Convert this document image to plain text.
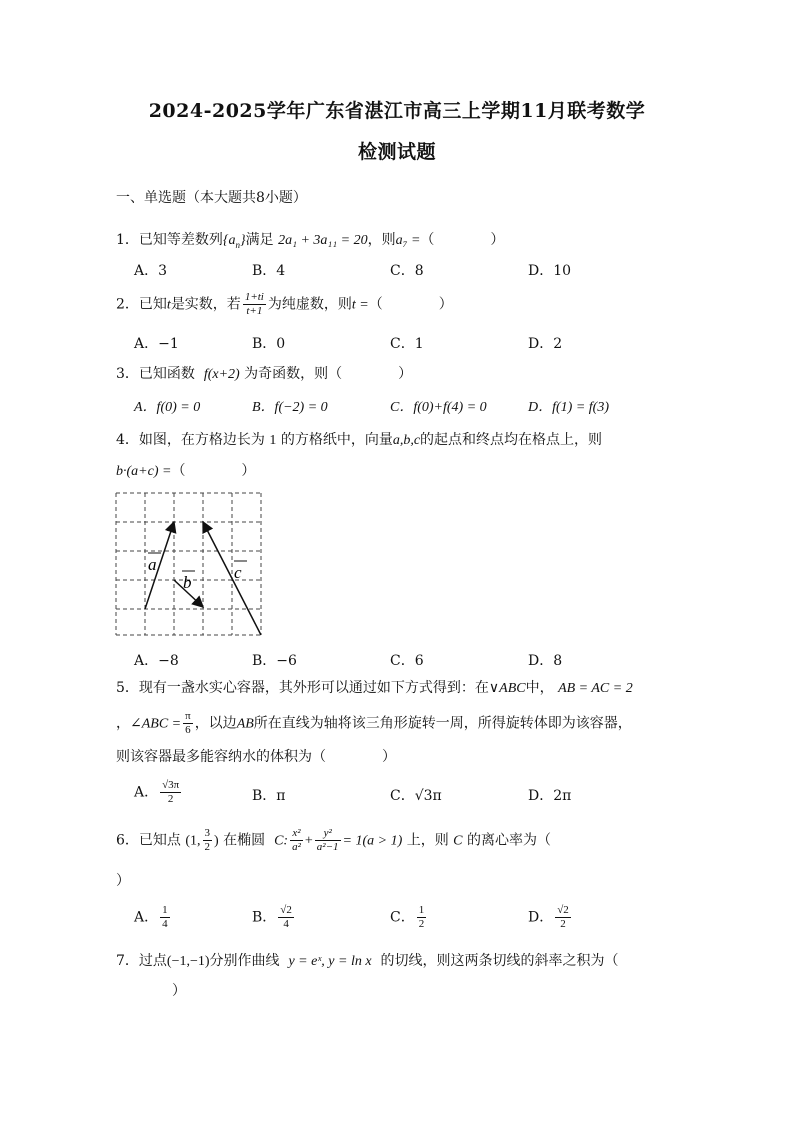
2024-2025学年广东省湛江市高三上学期11月联考数学
检测试题
一、单选题（本大题共8小题）
1．已知等差数列$\{a_n\}$满足 2a₁ + 3a₁₁ = 20，则a₇ =（　　　　）
A．3	B．4	C．8	D．10
2．已知t是实数，若 $\frac{1+ti}{t+1}$ 为纯虚数，则t =（　　　　）
A．−1	B．0	C．1	D．2
3．已知函数 f(x+2) 为奇函数，则（　　　　）
A．f(0) = 0	B．f(−2) = 0	C．f(0)+f(4) = 0	D．f(1) = f(3)
4．如图，在方格边长为 1 的方格纸中，向量a,b,c的起点和终点均在格点上，则
b·(a+c) =（　　　　）
a
b
c
A．−8	B．−6	C．6	D．8
5．现有一盏水实心容器，其外形可以通过如下方式得到：在∨ABC中， AB = AC = 2
，∠ABC = $\frac{\pi}{6}$ ，以边AB所在直线为轴将该三角形旋转一周，所得旋转体即为该容器，
则该容器最多能容纳水的体积为（　　　　）
A． $\frac{√3\pi}{2}$	B．π	C．√3π	D．2π
6．已知点 (1, $\frac{3}{2}$ ) 在椭圆 C: $\frac{\text{x²}}{\text{a²}} + \frac{\text{y²}}{\text{a²−1}} = 1(a > 1)$ 上，则 C 的离心率为（
）
A． $\frac{1}{4}$	B． $\frac{√2}{4}$	C． $\frac{1}{2}$	D． $\frac{√2}{2}$
7．过点(−1,−1)分别作曲线 y = eˣ, y = ln x 的切线，则这两条切线的斜率之积为（
）
